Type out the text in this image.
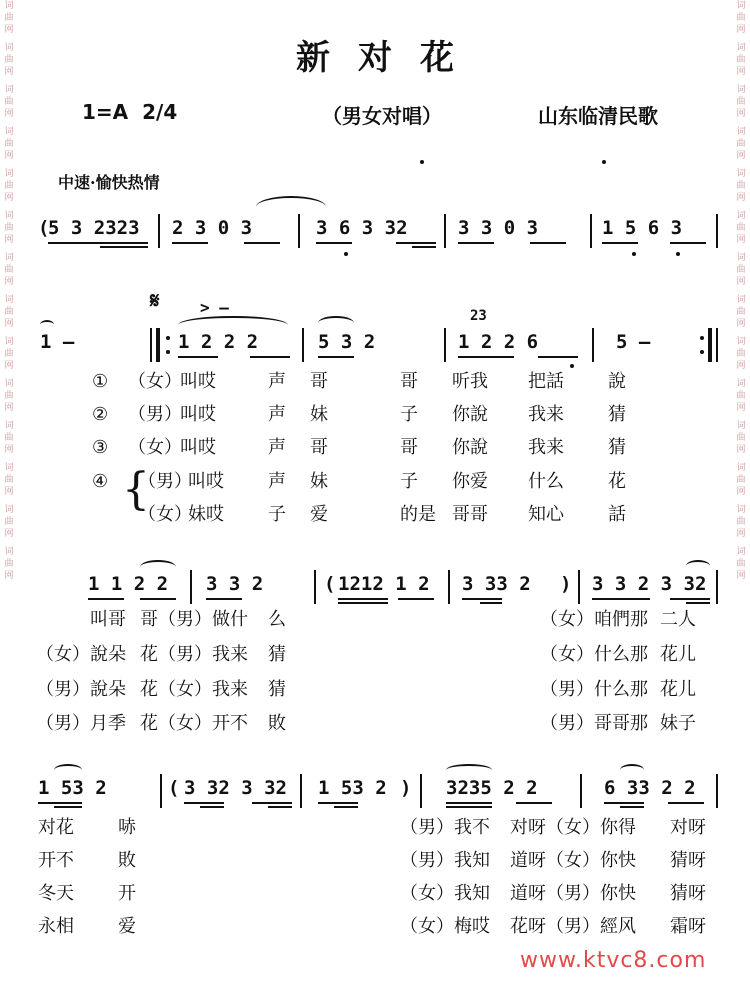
词
曲
网
词
曲
网
词
曲
网
词
曲
网
词
曲
网
词
曲
网
词
曲
网
词
曲
网
词
曲
网
词
曲
网
词
曲
网
词
曲
网
词
曲
网
词
曲
网
词
曲
网
词
曲
网
词
曲
网
词
曲
网
词
曲
网
词
曲
网
词
曲
网
词
曲
网
词
曲
网
词
曲
网
词
曲
网
词
曲
网
词
曲
网
词
曲
网
新对花
1=A 2/4	（男女对唱）	山东临清民歌
中速·愉快热情
(
5 3 2323 2 3 0 3	3 6 3 32	3 3 0 3	1 5 6 3
1 —
𝄋	> —
1 2 2 2	5 3 2
23
1 2 2 6	5 —
① （女）
叫哎	声 哥	哥 听我 把話 說
② （男）
叫哎	声 妹	子 你說 我来 猜
③ （女）
叫哎	声 哥	哥 你說 我来 猜
④ （男）
叫哎 声 妹	子 你爱 什么 花
（女）
妹哎 子 爱	的是 哥哥 知心 話
{
1 1 2 2 3 3 2	( 1212 1 2 3 33 2 ) 3 3 2 3 32
叫哥 哥（男）做什 么	（女）咱們那 二人
（女）說朵 花（男）我来 猜	（女）什么那 花儿
（男）說朵 花（女）我来 猜	（男）什么那 花儿
（男）月季 花（女）开不 敗	（男）哥哥那 妹子
1 53 2	( 3 32 3 32 1 53 2 ) 3235 2 2	6 33 2 2
对花 哧	（男）我不 对呀（女）你得 对呀
开不 敗	（男）我知 道呀（女）你快 猜呀
冬天 开	（女）我知 道呀（男）你快 猜呀
永相 爱	（女）梅哎 花呀（男）經风 霜呀
www.ktvc8.com
